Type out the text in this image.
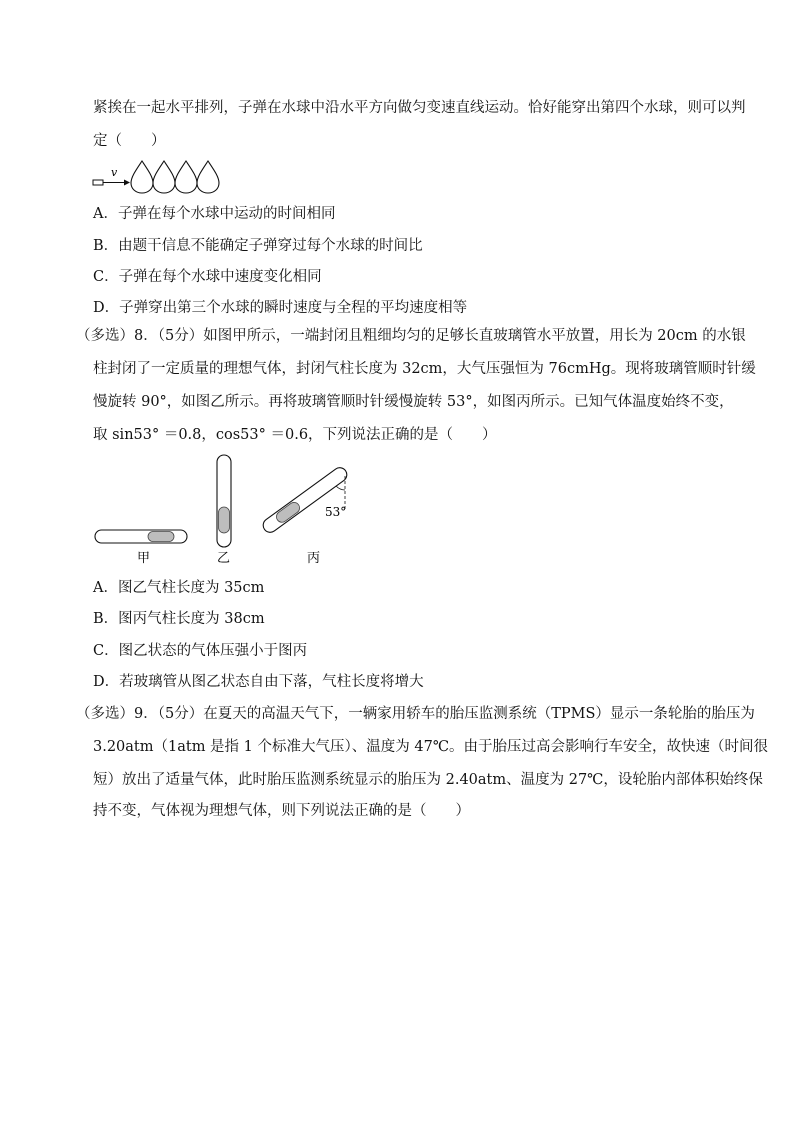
紧挨在一起水平排列，子弹在水球中沿水平方向做匀变速直线运动。恰好能穿出第四个水球，则可以判
定（　　）
v
A．子弹在每个水球中运动的时间相同
B．由题干信息不能确定子弹穿过每个水球的时间比
C．子弹在每个水球中速度变化相同
D．子弹穿出第三个水球的瞬时速度与全程的平均速度相等
（多选）8．（5分）如图甲所示，一端封闭且粗细均匀的足够长直玻璃管水平放置，用长为 20cm 的水银
柱封闭了一定质量的理想气体，封闭气柱长度为 32cm，大气压强恒为 76cmHg。现将玻璃管顺时针缓
慢旋转 90°，如图乙所示。再将玻璃管顺时针缓慢旋转 53°，如图丙所示。已知气体温度始终不变，
取 sin53° ＝0.8，cos53° ＝0.6，下列说法正确的是（　　）
甲	乙
53°
丙
A．图乙气柱长度为 35cm
B．图丙气柱长度为 38cm
C．图乙状态的气体压强小于图丙
D．若玻璃管从图乙状态自由下落，气柱长度将增大
（多选）9．（5分）在夏天的高温天气下，一辆家用轿车的胎压监测系统（TPMS）显示一条轮胎的胎压为
3.20atm（1atm 是指 1 个标准大气压）、温度为 47℃。由于胎压过高会影响行车安全，故快速（时间很
短）放出了适量气体，此时胎压监测系统显示的胎压为 2.40atm、温度为 27℃，设轮胎内部体积始终保
持不变，气体视为理想气体，则下列说法正确的是（　　）
